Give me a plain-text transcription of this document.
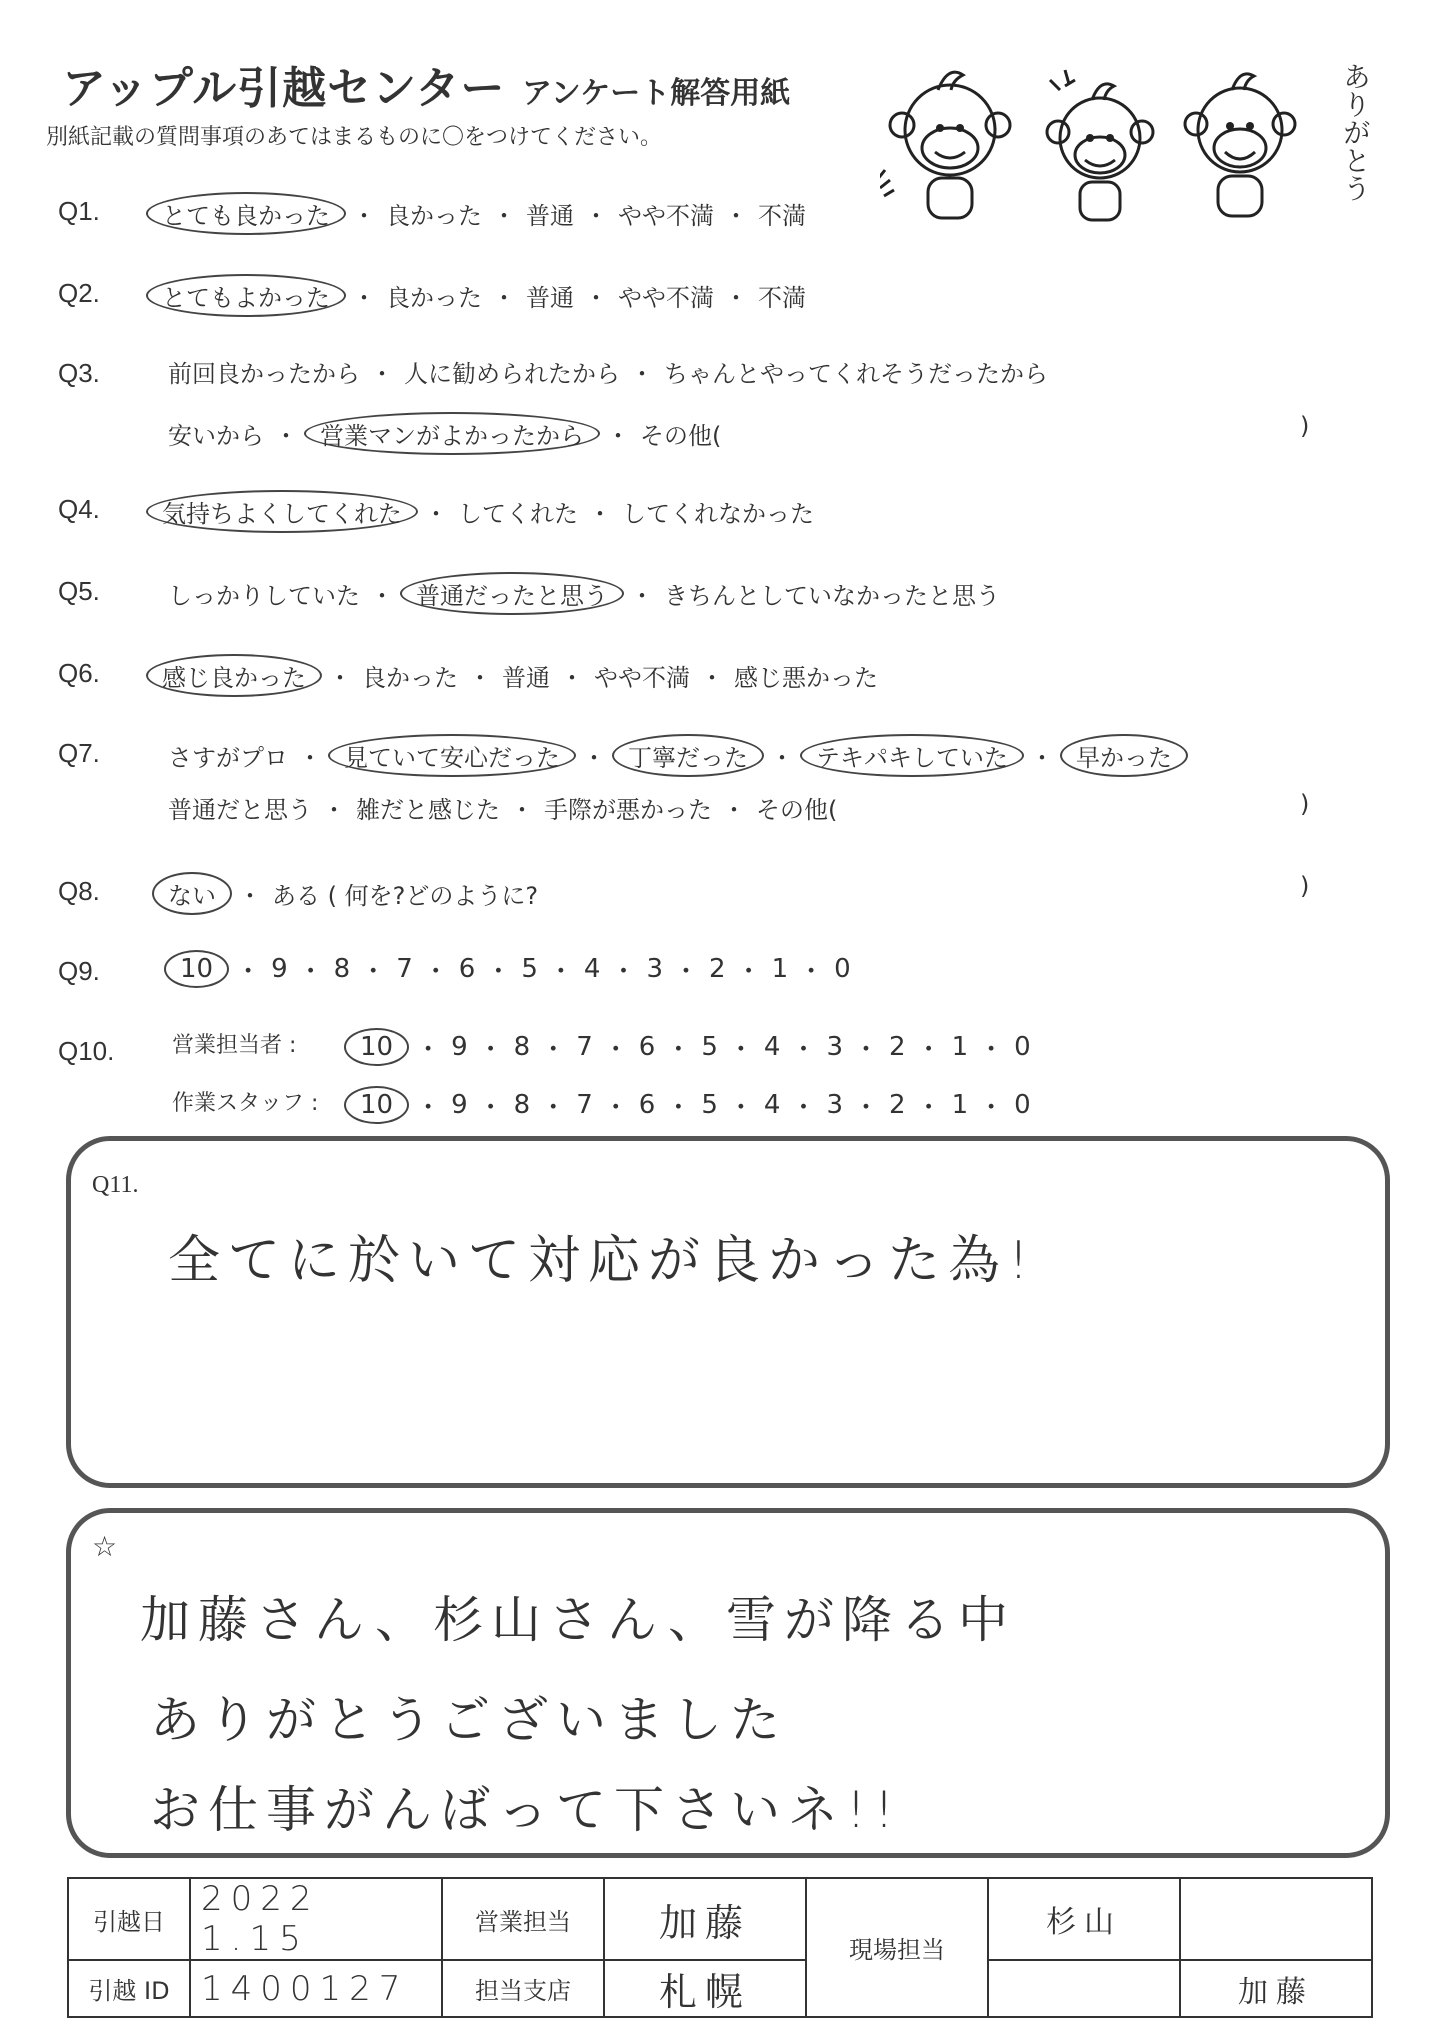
アップル引越センター アンケート解答用紙
別紙記載の質問事項のあてはまるものに〇をつけてください。	ありがとう
Q1.	とても良かった ・ 良かった ・ 普通 ・ やや不満 ・ 不満
Q2.	とてもよかった ・ 良かった ・ 普通 ・ やや不満 ・ 不満
Q3.	前回良かったから ・ 人に勧められたから ・ ちゃんとやってくれそうだったから
安いから ・ 営業マンがよかったから ・ その他(	)
Q4.	気持ちよくしてくれた ・ してくれた ・ してくれなかった
Q5.	しっかりしていた ・ 普通だったと思う ・ きちんとしていなかったと思う
Q6.	感じ良かった ・ 良かった ・ 普通 ・ やや不満 ・ 感じ悪かった
Q7.	さすがプロ ・ 見ていて安心だった ・ 丁寧だった ・ テキパキしていた ・ 早かった
普通だと思う ・ 雑だと感じた ・ 手際が悪かった ・ その他(	)
Q8.	ない ・ ある ( 何を?どのように?	)
Q9.	10 ・ 9 ・ 8 ・ 7 ・ 6 ・ 5 ・ 4 ・ 3 ・ 2 ・ 1 ・ 0
Q10.	営業担当者 :	10 ・ 9 ・ 8 ・ 7 ・ 6 ・ 5 ・ 4 ・ 3 ・ 2 ・ 1 ・ 0
作業スタッフ :	10 ・ 9 ・ 8 ・ 7 ・ 6 ・ 5 ・ 4 ・ 3 ・ 2 ・ 1 ・ 0
Q11.
全てに於いて対応が良かった為!
☆
加藤さん、杉山さん、雪が降る中
ありがとうございました
お仕事がんばって下さいネ!!
引越日	2022 1.15	営業担当	加藤	現場担当	杉山	
引越 ID	1400127	担当支店	札幌			加藤
